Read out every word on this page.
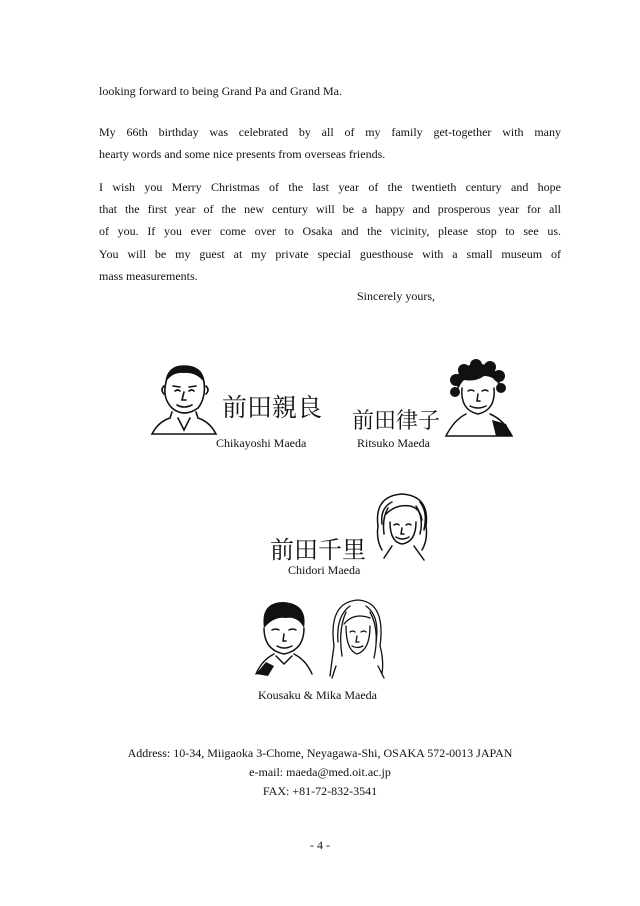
looking forward to being Grand Pa and Grand Ma.
My 66th birthday was celebrated by all of my family get-together with many
hearty words and some nice presents from overseas friends.
I wish you Merry Christmas of the last year of the twentieth century and hope
that the first year of the new century will be a happy and prosperous year for all
of you. If you ever come over to Osaka and the vicinity, please stop to see us.
You will be my guest at my private special guesthouse with a small museum of
mass measurements.
Sincerely yours,
前田親良
Chikayoshi Maeda
前田律子
Ritsuko Maeda
前田千里
Chidori Maeda
Kousaku & Mika Maeda
Address: 10-34, Miigaoka 3-Chome, Neyagawa-Shi, OSAKA 572-0013 JAPAN
e-mail: maeda@med.oit.ac.jp
FAX: +81-72-832-3541
- 4 -
